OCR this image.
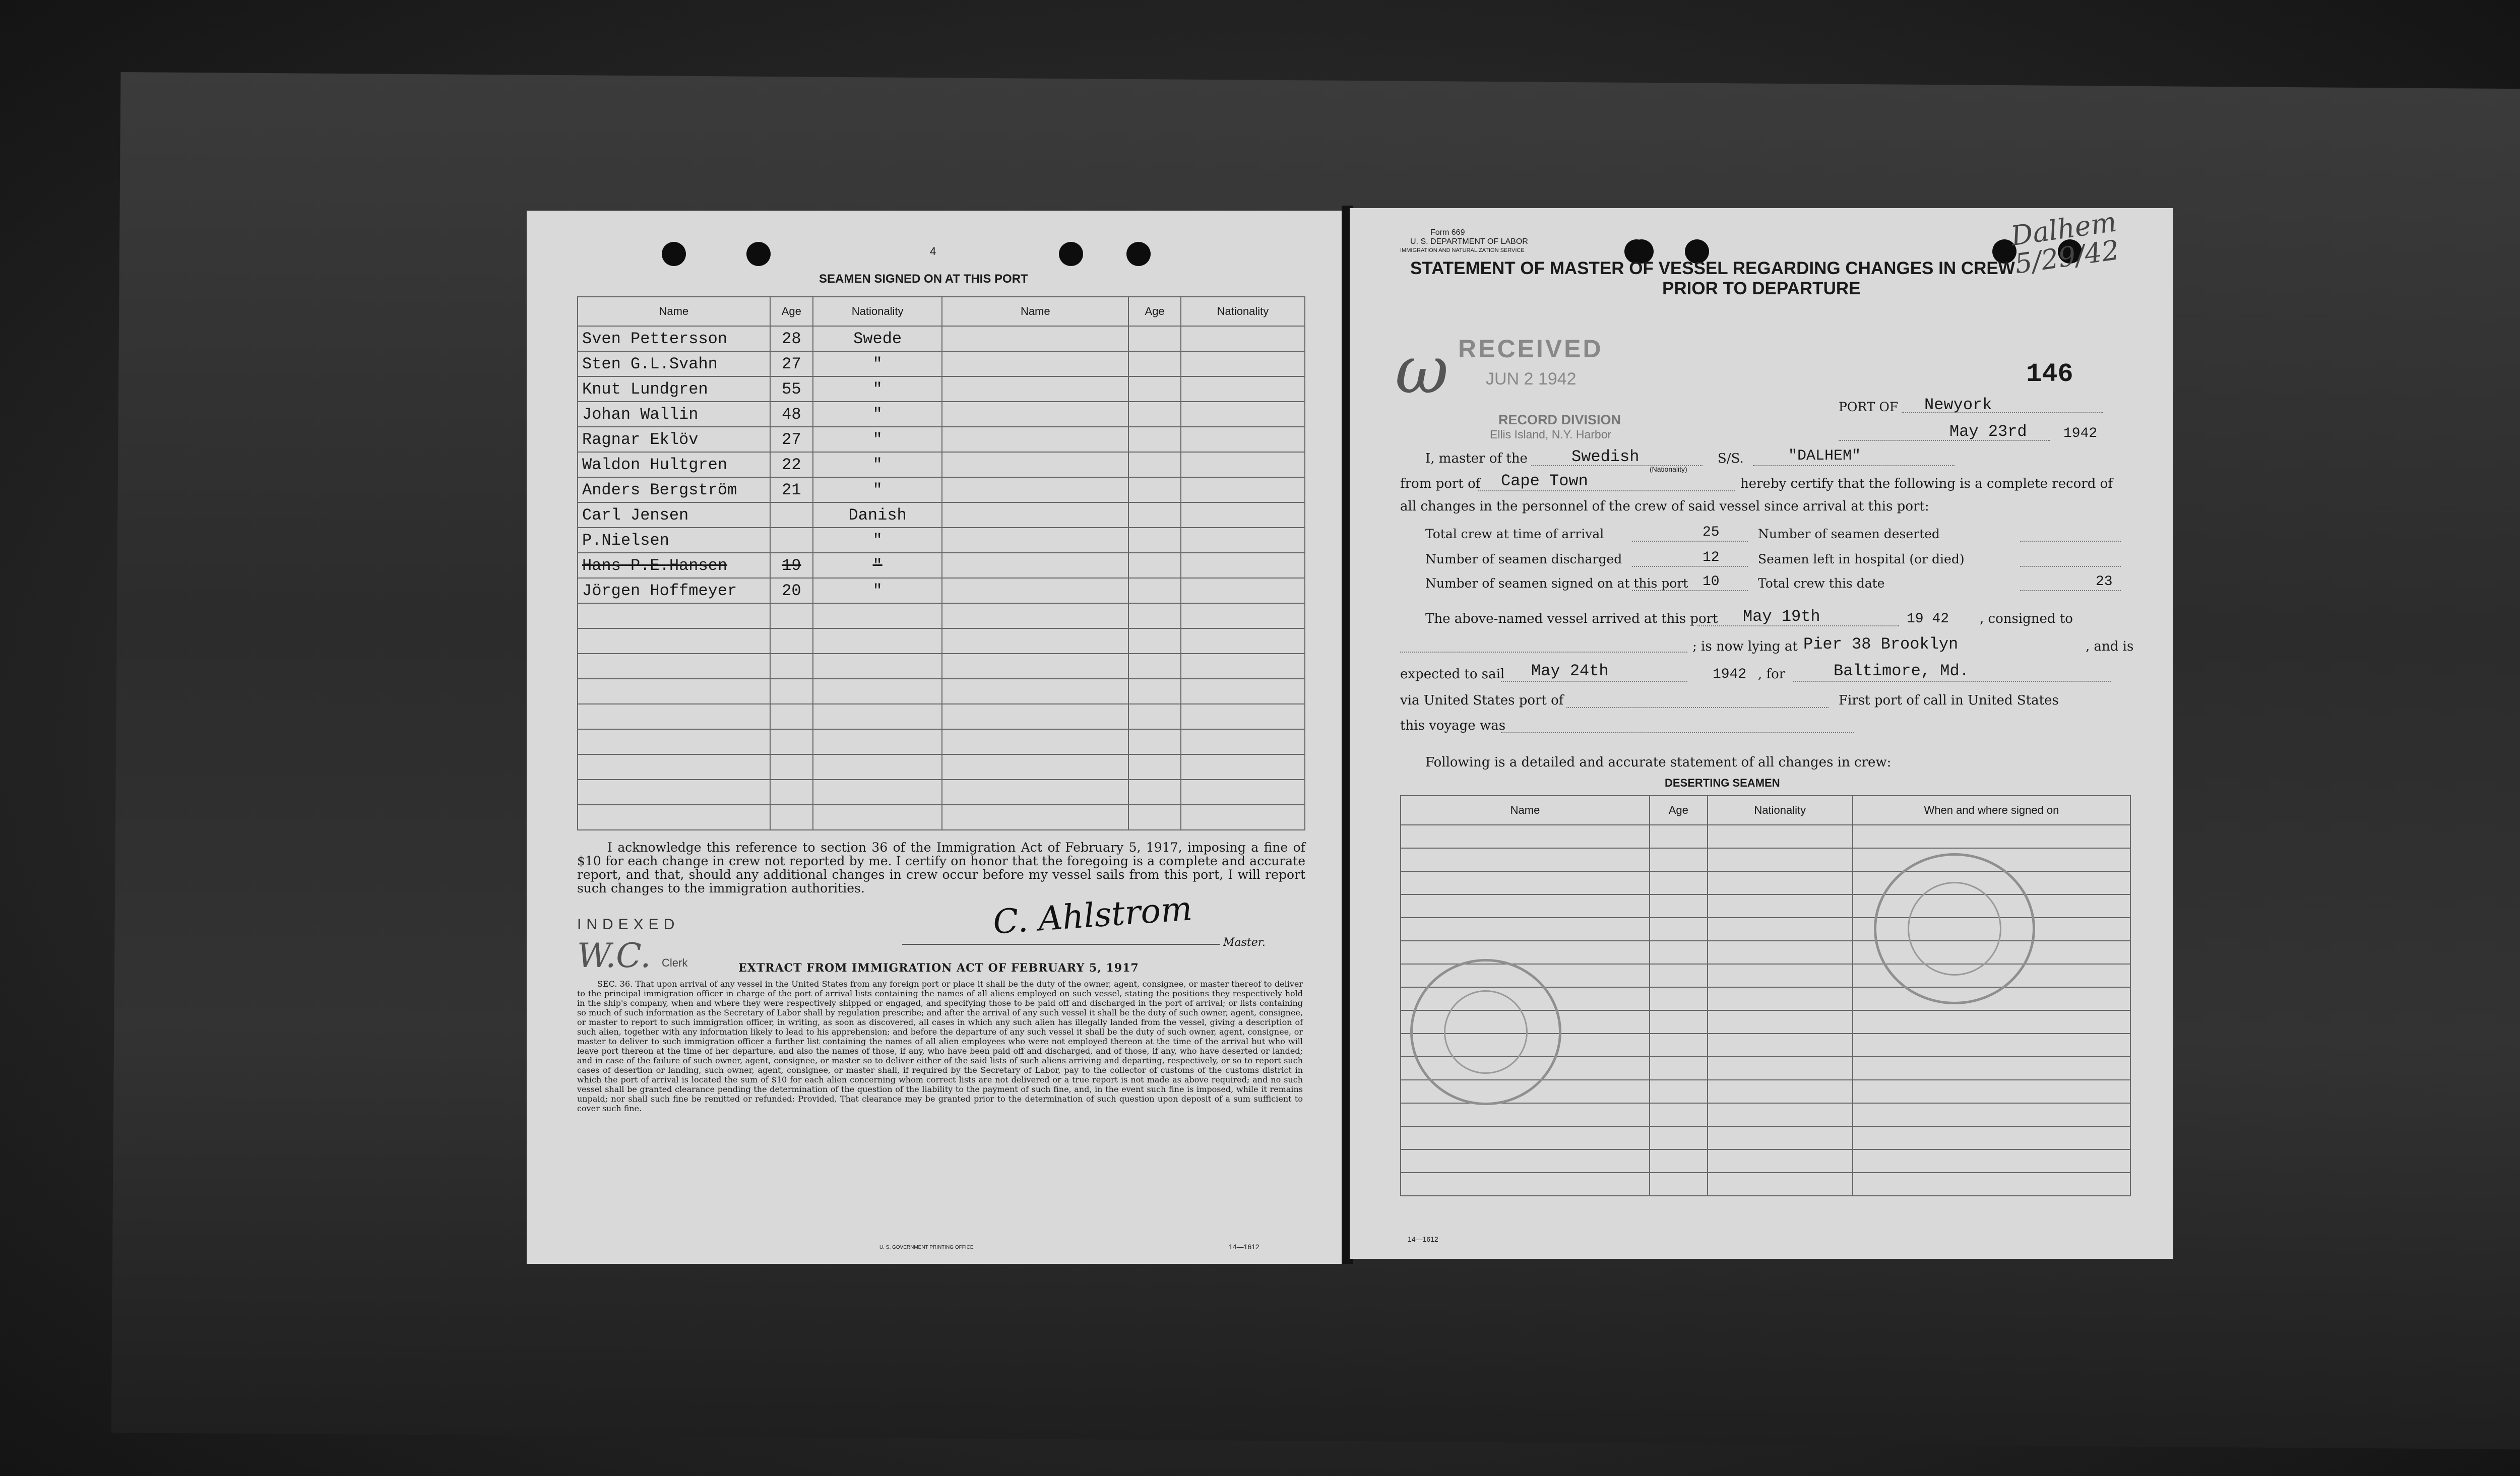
4
SEAMEN SIGNED ON AT THIS PORT
Name	Age	Nationality	Name	Age	Nationality
Sven Pettersson	28	Swede			
Sten G.L.Svahn	27	"			
Knut Lundgren	55	"			
Johan Wallin	48	"			
Ragnar Eklöv	27	"			
Waldon Hultgren	22	"			
Anders Bergström	21	"			
Carl Jensen		Danish			
P.Nielsen		"			
Hans P.E.Hansen	19	"			
Jörgen Hoffmeyer	20	"			

I acknowledge this reference to section 36 of the Immigration Act of February 5, 1917, imposing a fine of $10 for each change in crew not reported by me. I certify on honor that the foregoing is a complete and accurate report, and that, should any additional changes in crew occur before my vessel sails from this port, I will report such changes to the immigration authorities.
INDEXED
W.C. Clerk
C. Ahlstrom
Master.
EXTRACT FROM IMMIGRATION ACT OF FEBRUARY 5, 1917
SEC. 36. That upon arrival of any vessel in the United States from any foreign port or place it shall be the duty of the owner, agent, consignee, or master thereof to deliver to the principal immigration officer in charge of the port of arrival lists containing the names of all aliens employed on such vessel, stating the positions they respectively hold in the ship's company, when and where they were respectively shipped or engaged, and specifying those to be paid off and discharged in the port of arrival; or lists containing so much of such information as the Secretary of Labor shall by regulation prescribe; and after the arrival of any such vessel it shall be the duty of such owner, agent, consignee, or master to report to such immigration officer, in writing, as soon as discovered, all cases in which any such alien has illegally landed from the vessel, giving a description of such alien, together with any information likely to lead to his apprehension; and before the departure of any such vessel it shall be the duty of such owner, agent, consignee, or master to deliver to such immigration officer a further list containing the names of all alien employees who were not employed thereon at the time of the arrival but who will leave port thereon at the time of her departure, and also the names of those, if any, who have been paid off and discharged, and of those, if any, who have deserted or landed; and in case of the failure of such owner, agent, consignee, or master so to deliver either of the said lists of such aliens arriving and departing, respectively, or so to report such cases of desertion or landing, such owner, agent, consignee, or master shall, if required by the Secretary of Labor, pay to the collector of customs of the customs district in which the port of arrival is located the sum of $10 for each alien concerning whom correct lists are not delivered or a true report is not made as above required; and no such vessel shall be granted clearance pending the determination of the question of the liability to the payment of such fine, and, in the event such fine is imposed, while it remains unpaid; nor shall such fine be remitted or refunded: Provided, That clearance may be granted prior to the determination of such question upon deposit of a sum sufficient to cover such fine.
U. S. GOVERNMENT PRINTING OFFICE	14—1612
Form 669
U. S. DEPARTMENT OF LABOR
IMMIGRATION AND NATURALIZATION SERVICE
STATEMENT OF MASTER OF VESSEL REGARDING CHANGES IN CREW
PRIOR TO DEPARTURE
Dalhem 5/29/42
ω RECEIVED
JUN 2 1942
RECORD DIVISION
Ellis Island, N.Y. Harbor
146
PORT OF Newyork
May 23rd	1942
I, master of the	Swedish
(Nationality)
S/S.	"DALHEM"
from port of Cape Town	hereby certify that the following is a complete record of
all changes in the personnel of the crew of said vessel since arrival at this port:
Total crew at time of arrival	25	Number of seamen deserted
Number of seamen discharged	12	Seamen left in hospital (or died)
Number of seamen signed on at this port 10	Total crew this date	23
The above-named vessel arrived at this port May 19th	19 42 , consigned to
; is now lying at Pier 38 Brooklyn	, and is
expected to sail May 24th	1942 , for	Baltimore, Md.
via United States port of	First port of call in United States
this voyage was
Following is a detailed and accurate statement of all changes in crew:
DESERTING SEAMEN
Name	Age	Nationality	When and where signed on

14—1612
